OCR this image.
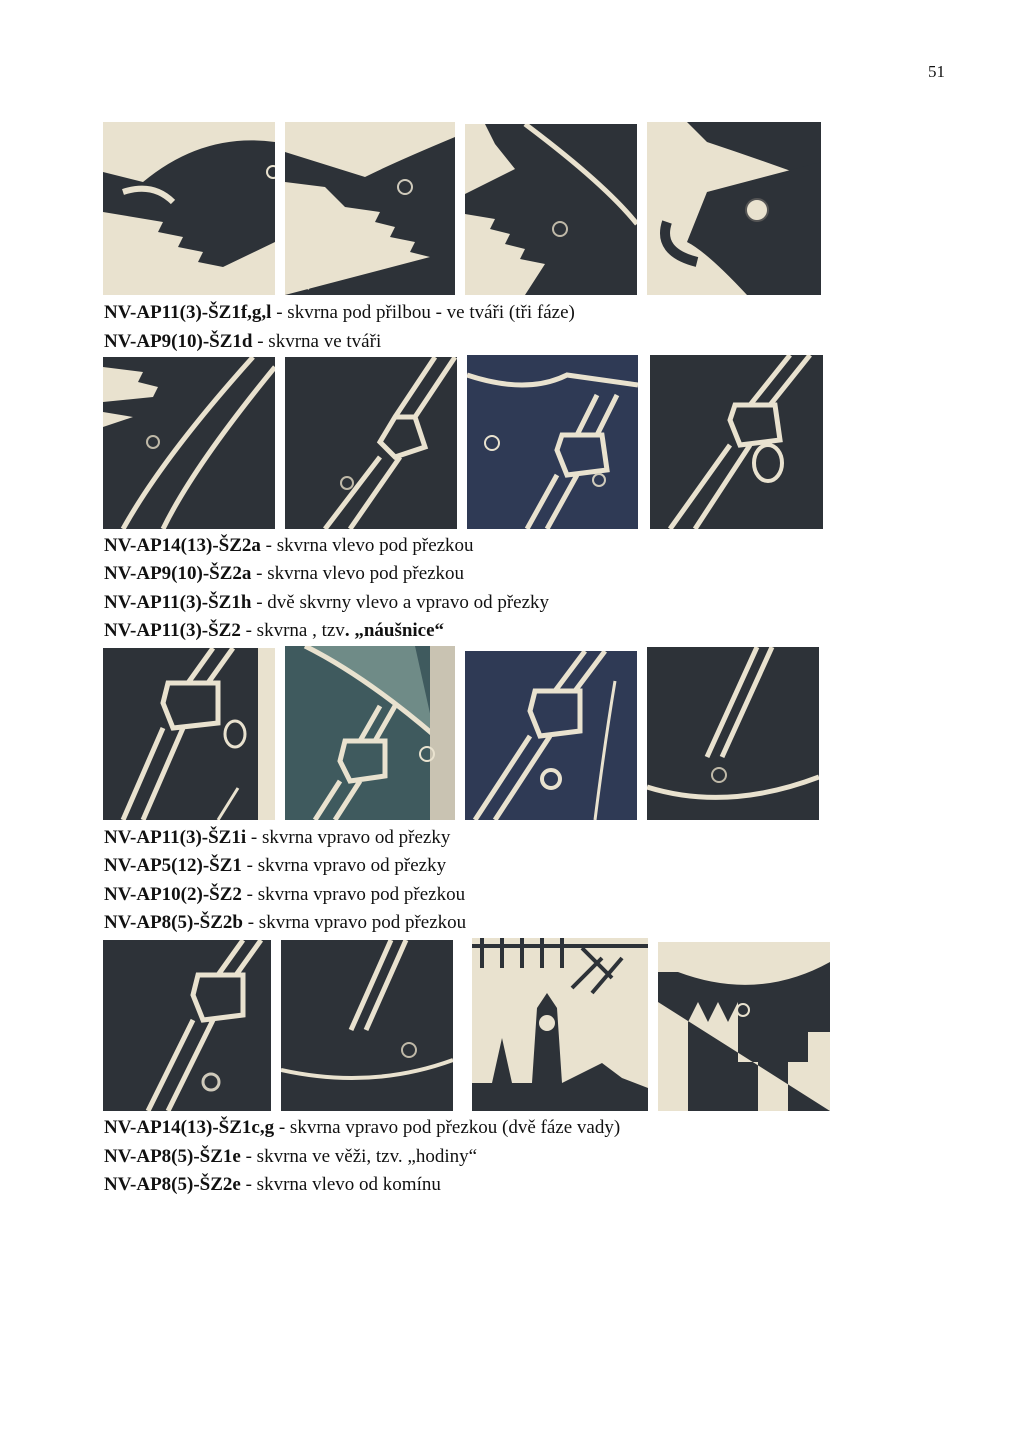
51
NV-AP11(3)-ŠZ1f,g,l - skvrna pod přilbou - ve tváři (tři fáze)
NV-AP9(10)-ŠZ1d - skvrna ve tváři
NV-AP14(13)-ŠZ2a - skvrna vlevo pod přezkou
NV-AP9(10)-ŠZ2a - skvrna vlevo pod přezkou
NV-AP11(3)-ŠZ1h - dvě skvrny vlevo a vpravo od přezky
NV-AP11(3)-ŠZ2 - skvrna , tzv. „náušnice“
NV-AP11(3)-ŠZ1i - skvrna vpravo od přezky
NV-AP5(12)-ŠZ1 - skvrna vpravo od přezky
NV-AP10(2)-ŠZ2 - skvrna vpravo pod přezkou
NV-AP8(5)-ŠZ2b - skvrna vpravo pod přezkou
NV-AP14(13)-ŠZ1c,g - skvrna vpravo pod přezkou (dvě fáze vady)
NV-AP8(5)-ŠZ1e - skvrna ve věži, tzv. „hodiny“
NV-AP8(5)-ŠZ2e - skvrna vlevo od komínu
